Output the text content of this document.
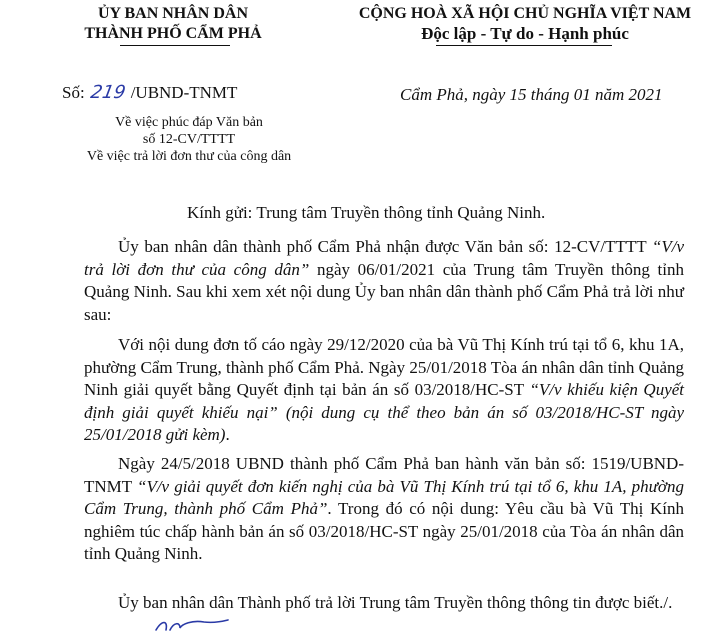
ỦY BAN NHÂN DÂN
THÀNH PHỐ CẨM PHẢ
CỘNG HOÀ XÃ HỘI CHỦ NGHĨA VIỆT NAM
Độc lập - Tự do - Hạnh phúc
Số: 219 /UBND-TNMT	Cẩm Phả, ngày 15 tháng 01 năm 2021
Về việc phúc đáp Văn bản
số 12-CV/TTTT
Về việc trả lời đơn thư của công dân
Kính gửi: Trung tâm Truyền thông tỉnh Quảng Ninh.
Ủy ban nhân dân thành phố Cẩm Phả nhận được Văn bản số: 12-CV/TTTT “V/v trả lời đơn thư của công dân” ngày 06/01/2021 của Trung tâm Truyền thông tỉnh Quảng Ninh. Sau khi xem xét nội dung Ủy ban nhân dân thành phố Cẩm Phả trả lời như sau:
Với nội dung đơn tố cáo ngày 29/12/2020 của bà Vũ Thị Kính trú tại tổ 6, khu 1A, phường Cẩm Trung, thành phố Cẩm Phả. Ngày 25/01/2018 Tòa án nhân dân tỉnh Quảng Ninh giải quyết bằng Quyết định tại bản án số 03/2018/HC-ST “V/v khiếu kiện Quyết định giải quyết khiếu nại” (nội dung cụ thể theo bản án số 03/2018/HC-ST ngày 25/01/2018 gửi kèm).
Ngày 24/5/2018 UBND thành phố Cẩm Phả ban hành văn bản số: 1519/UBND-TNMT “V/v giải quyết đơn kiến nghị của bà Vũ Thị Kính trú tại tổ 6, khu 1A, phường Cẩm Trung, thành phố Cẩm Phả”. Trong đó có nội dung: Yêu cầu bà Vũ Thị Kính nghiêm túc chấp hành bản án số 03/2018/HC-ST ngày 25/01/2018 của Tòa án nhân dân tỉnh Quảng Ninh.
Ủy ban nhân dân Thành phố trả lời Trung tâm Truyền thông thông tin được biết./.
